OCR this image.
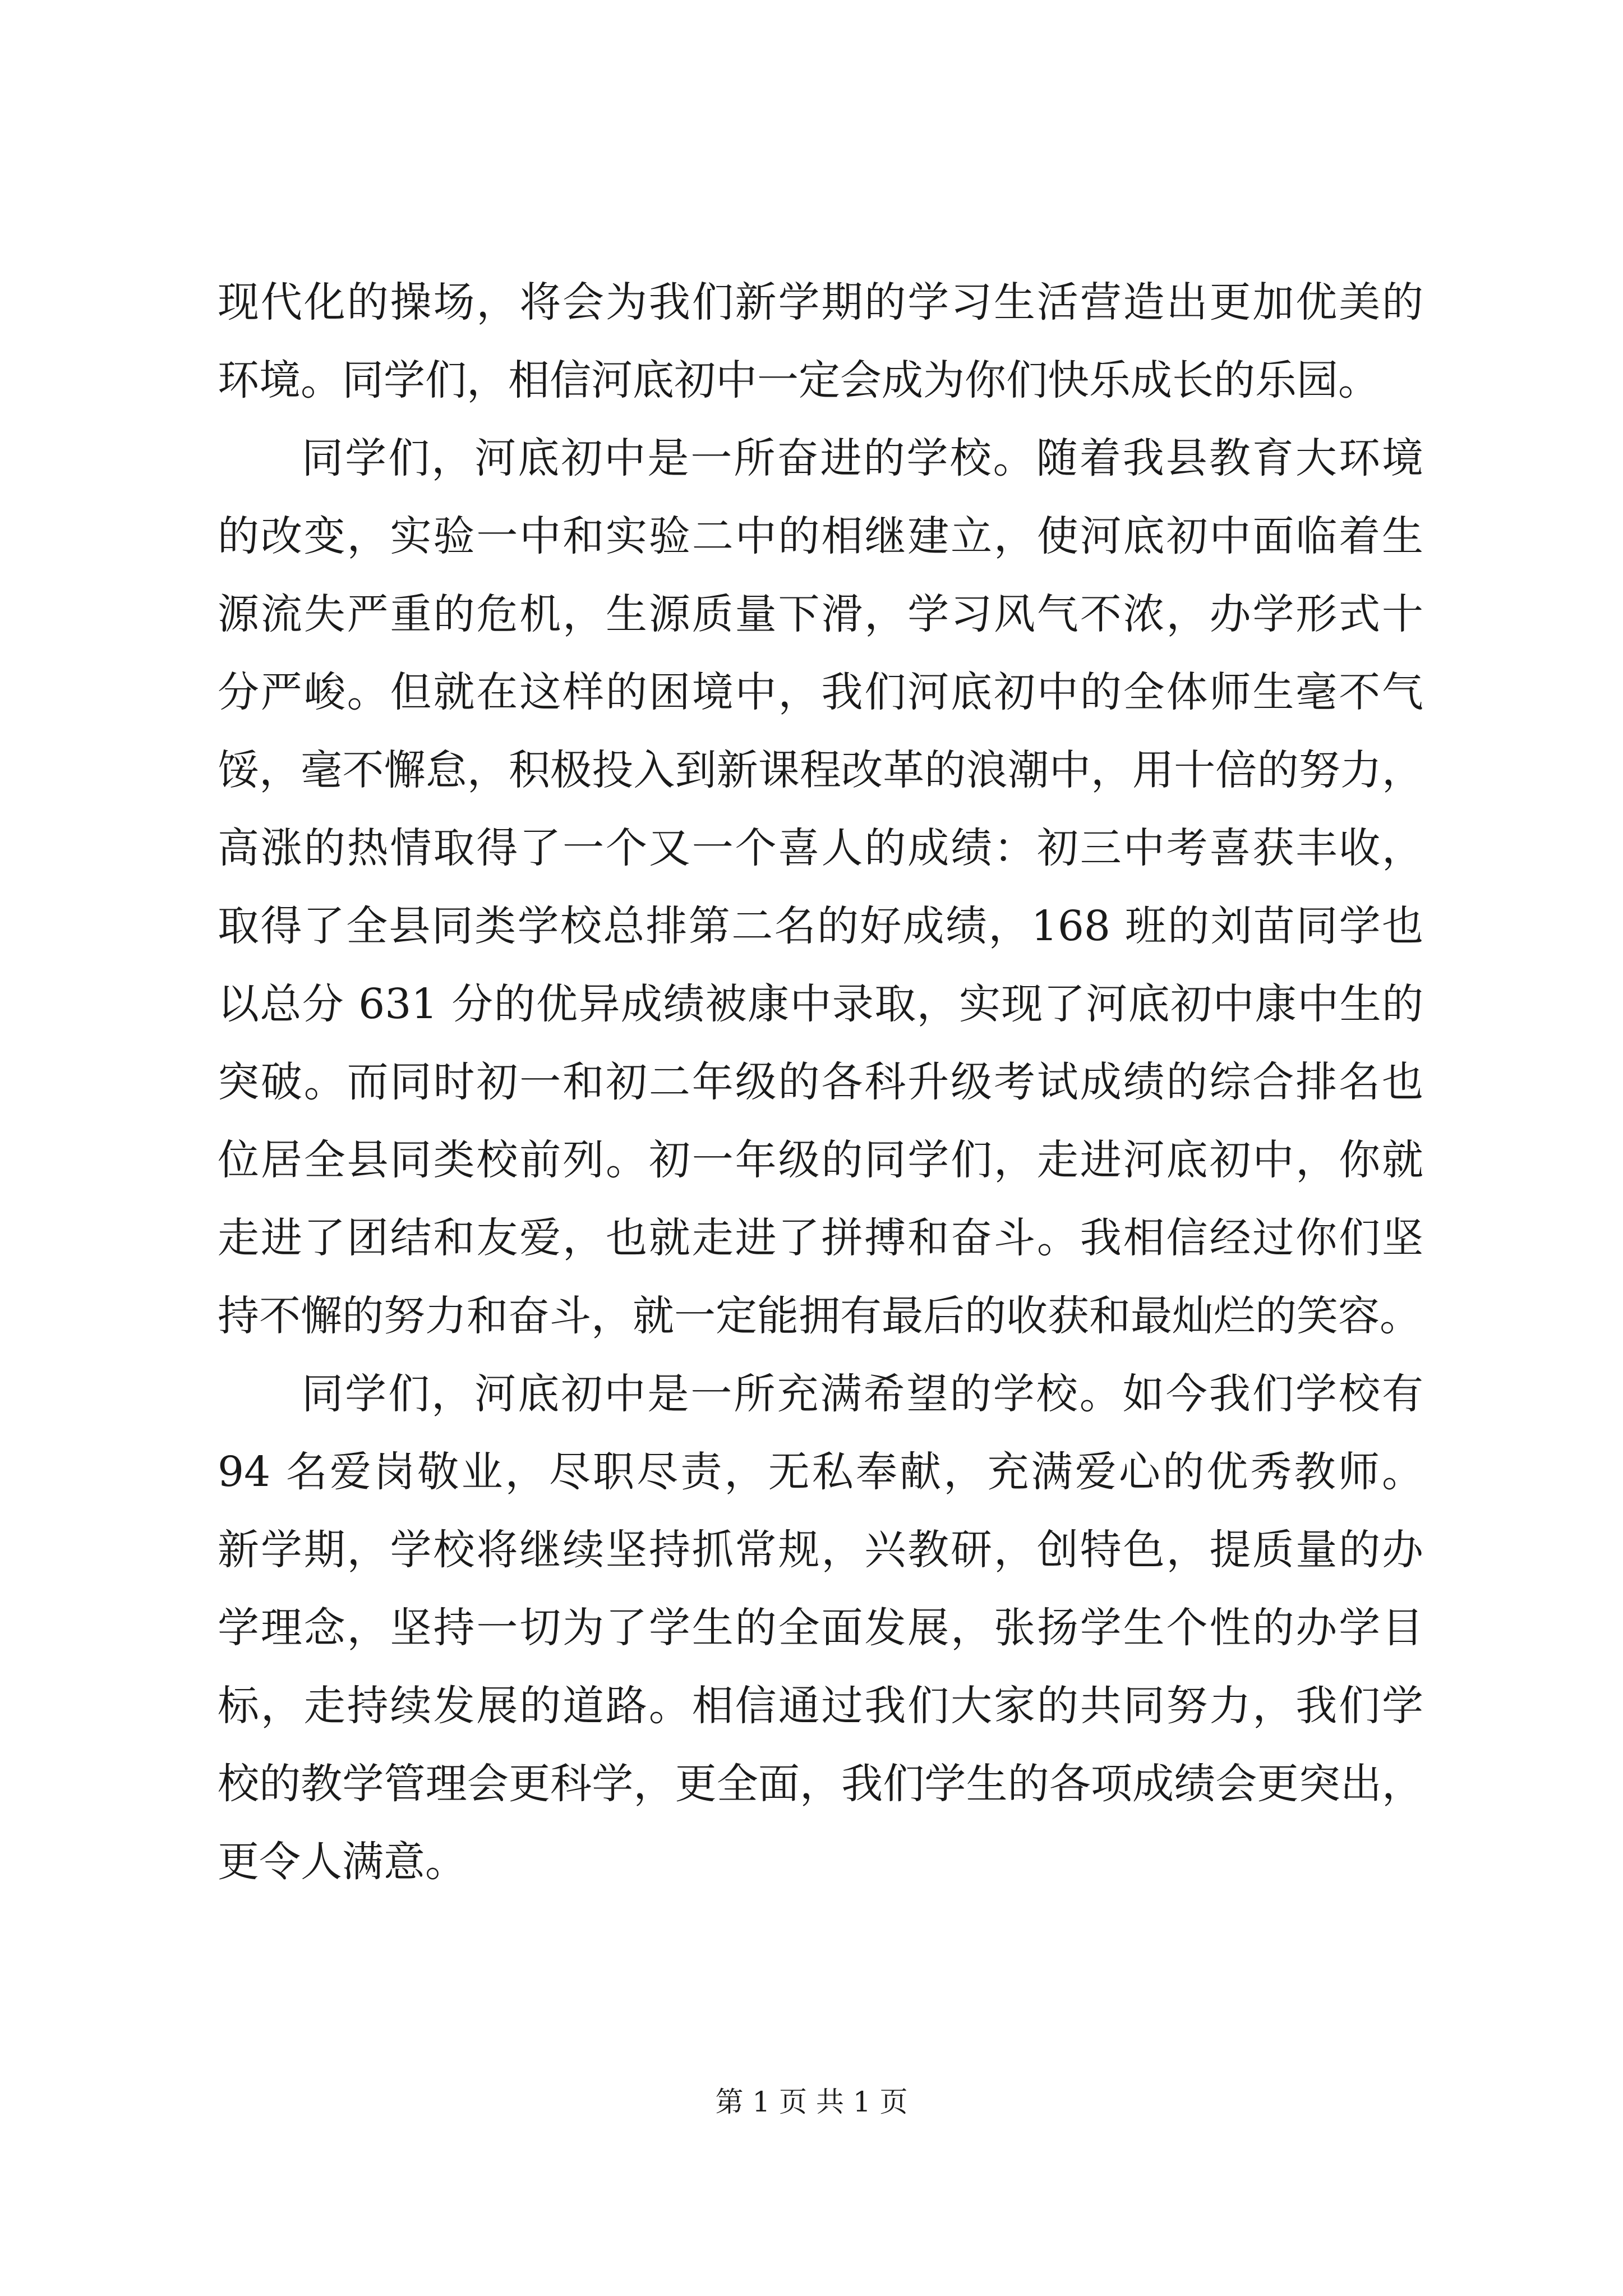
现代化的操场，将会为我们新学期的学习生活营造出更加优美的
环境。同学们，相信河底初中一定会成为你们快乐成长的乐园。
同学们，河底初中是一所奋进的学校。随着我县教育大环境
的改变，实验一中和实验二中的相继建立，使河底初中面临着生
源流失严重的危机，生源质量下滑，学习风气不浓，办学形式十
分严峻。但就在这样的困境中，我们河底初中的全体师生毫不气
馁，毫不懈怠，积极投入到新课程改革的浪潮中，用十倍的努力，
高涨的热情取得了一个又一个喜人的成绩：初三中考喜获丰收，
取得了全县同类学校总排第二名的好成绩，168 班的刘苗同学也
以总分 631 分的优异成绩被康中录取，实现了河底初中康中生的
突破。而同时初一和初二年级的各科升级考试成绩的综合排名也
位居全县同类校前列。初一年级的同学们，走进河底初中，你就
走进了团结和友爱，也就走进了拼搏和奋斗。我相信经过你们坚
持不懈的努力和奋斗，就一定能拥有最后的收获和最灿烂的笑容。
同学们，河底初中是一所充满希望的学校。如今我们学校有
94 名爱岗敬业，尽职尽责，无私奉献，充满爱心的优秀教师。
新学期，学校将继续坚持抓常规，兴教研，创特色，提质量的办
学理念，坚持一切为了学生的全面发展，张扬学生个性的办学目
标，走持续发展的道路。相信通过我们大家的共同努力，我们学
校的教学管理会更科学，更全面，我们学生的各项成绩会更突出，
更令人满意。
第 1 页 共 1 页
